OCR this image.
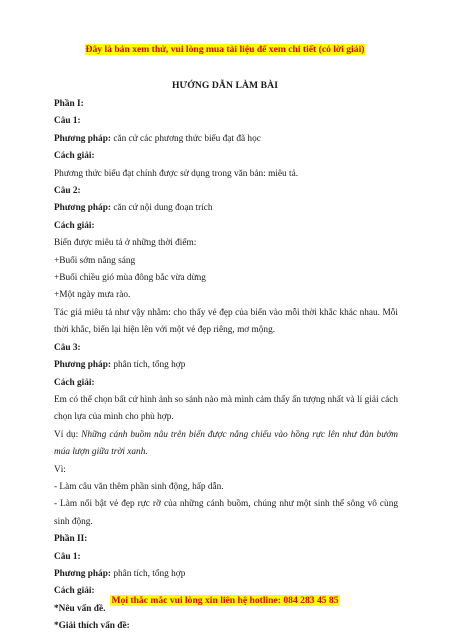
Đây là bản xem thử, vui lòng mua tài liệu để xem chi tiết (có lời giải)
HƯỚNG DẪN LÀM BÀI

Phần I:

Câu 1:

Phương pháp: căn cứ các phương thức biểu đạt đã học

Cách giải:

Phương thức biểu đạt chính được sử dụng trong văn bản: miêu tả.

Câu 2:

Phương pháp: căn cứ nội dung đoạn trích

Cách giải:

Biển được miêu tả ở những thời điểm:

+Buổi sớm nắng sáng

+Buổi chiều gió mùa đông bắc vừa dừng

+Một ngày mưa rào.

Tác giả miêu tả như vậy nhằm: cho thấy vẻ đẹp của biển vào mỗi thời khắc khác nhau. Mỗi thời khắc, biển lại hiện lên với một vẻ đẹp riêng, mơ mộng.

Câu 3:

Phương pháp: phân tích, tổng hợp

Cách giải:

Em có thể chọn bất cứ hình ảnh so sánh nào mà mình cảm thấy ấn tượng nhất và lí giải cách chọn lựa của mình cho phù hợp.

Ví dụ: Những cánh buồm nâu trên biển được nắng chiếu vào hồng rực lên như đàn bướm múa lượn giữa trời xanh.

Vì:

- Làm câu văn thêm phần sinh động, hấp dẫn.

- Làm nổi bật vẻ đẹp rực rỡ của những cánh buồm, chúng như một sinh thể sông vô cùng sinh động.

Phần II:

Câu 1:

Phương pháp: phân tích, tổng hợp

Cách giải:

*Nêu vấn đề.

*Giải thích vấn đề:

Mọi thắc mắc vui lòng xin liên hệ hotline: 084 283 45 85
